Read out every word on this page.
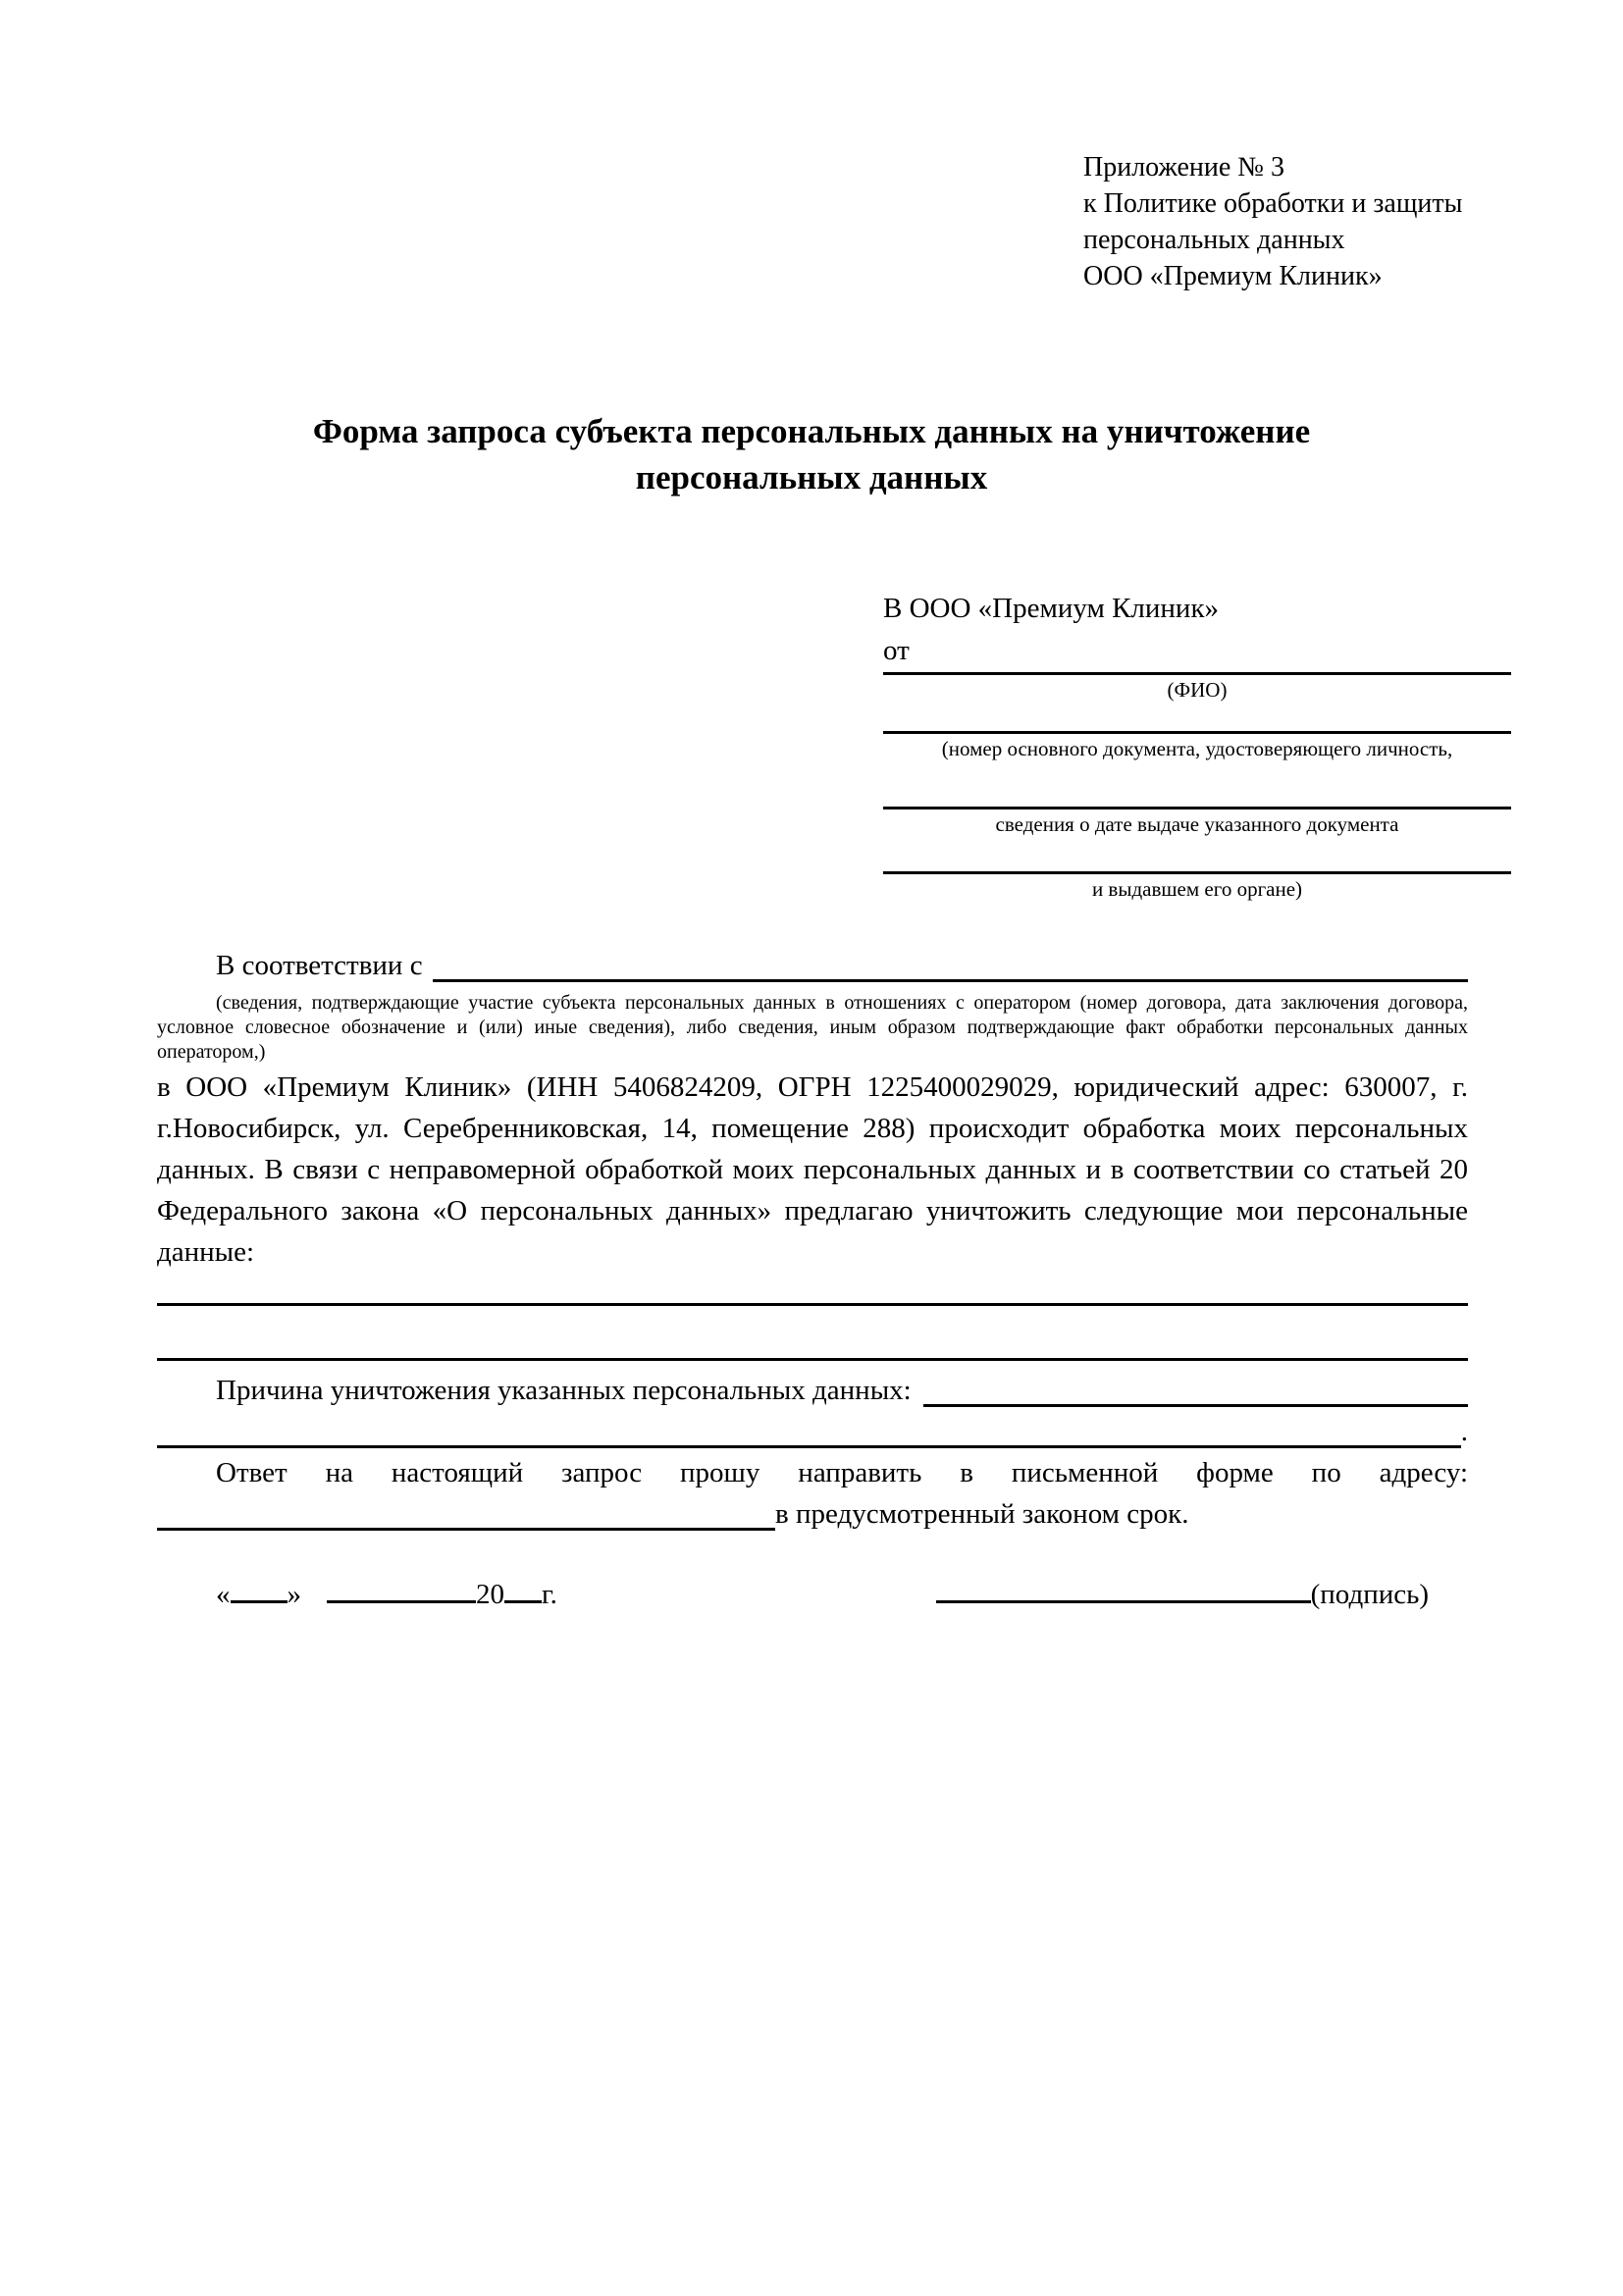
Приложение № 3
к Политике обработки и защиты
персональных данных
ООО «Премиум Клиник»
Форма запроса субъекта персональных данных на уничтожение персональных данных
В ООО «Премиум Клиник»
от
(ФИО)
(номер основного документа, удостоверяющего личность,
сведения о дате выдаче указанного документа
и выдавшем его органе)
В соответствии с

(сведения, подтверждающие участие субъекта персональных данных в отношениях с оператором (номер договора, дата заключения договора, условное словесное обозначение и (или) иные сведения), либо сведения, иным образом подтверждающие факт обработки персональных данных оператором,)

в ООО «Премиум Клиник» (ИНН 5406824209, ОГРН 1225400029029, юридический адрес: 630007, г. г.Новосибирск, ул. Серебренниковская, 14, помещение 288) происходит обработка моих персональных данных. В связи с неправомерной обработкой моих персональных данных и в соответствии со статьей 20 Федерального закона «О персональных данных» предлагаю уничтожить следующие мои персональные данные:

Причина уничтожения указанных персональных данных:
.

Ответ на настоящий запрос прошу направить в письменной форме по адресу:

в предусмотренный законом срок.
« »	20 г.	(подпись)
